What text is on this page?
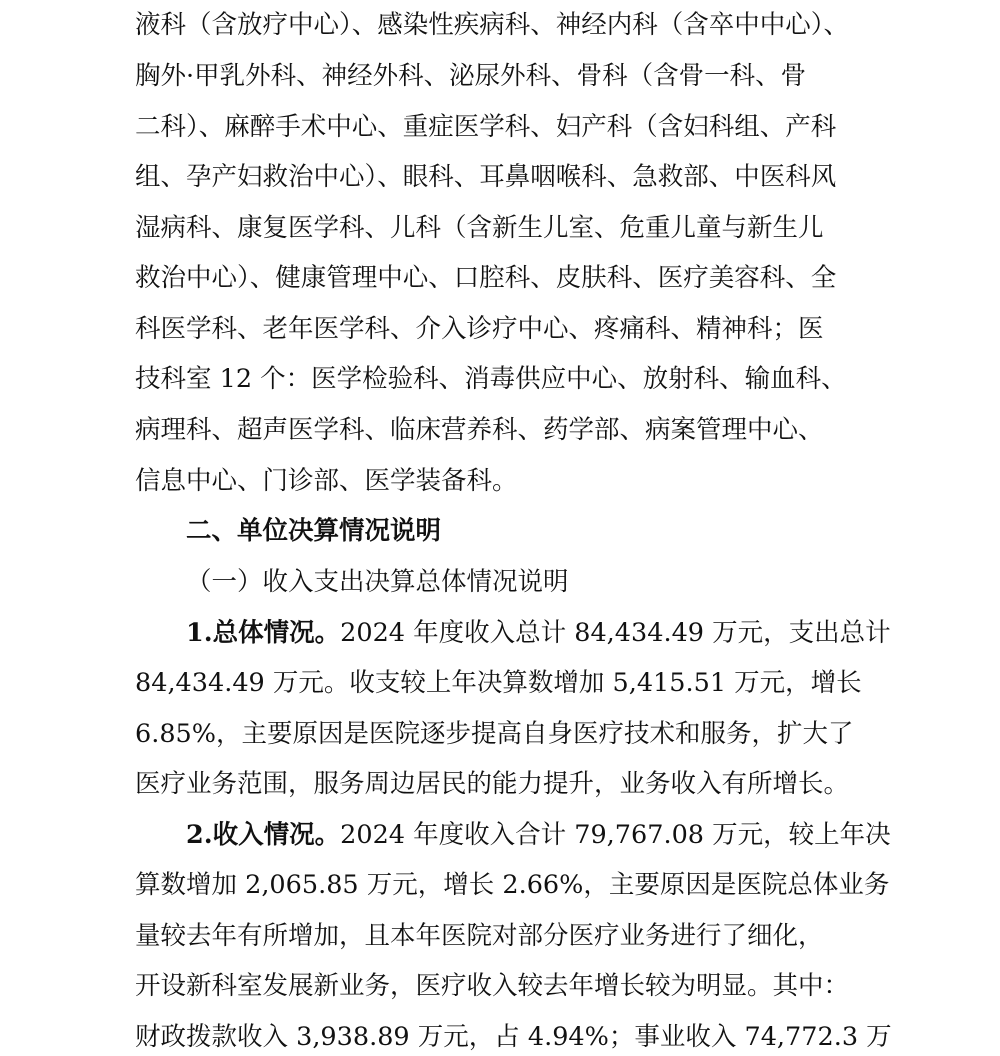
液科（含放疗中心）、感染性疾病科、神经内科（含卒中中心）、
胸外·甲乳外科、神经外科、泌尿外科、骨科（含骨一科、骨
二科）、麻醉手术中心、重症医学科、妇产科（含妇科组、产科
组、孕产妇救治中心）、眼科、耳鼻咽喉科、急救部、中医科风
湿病科、康复医学科、儿科（含新生儿室、危重儿童与新生儿
救治中心）、健康管理中心、口腔科、皮肤科、医疗美容科、全
科医学科、老年医学科、介入诊疗中心、疼痛科、精神科；医
技科室 12 个：医学检验科、消毒供应中心、放射科、输血科、
病理科、超声医学科、临床营养科、药学部、病案管理中心、
信息中心、门诊部、医学装备科。
二、单位决算情况说明
（一）收入支出决算总体情况说明
1.总体情况。2024 年度收入总计 84,434.49 万元，支出总计
84,434.49 万元。收支较上年决算数增加 5,415.51 万元，增长
6.85%，主要原因是医院逐步提高自身医疗技术和服务，扩大了
医疗业务范围，服务周边居民的能力提升，业务收入有所增长。
2.收入情况。2024 年度收入合计 79,767.08 万元，较上年决
算数增加 2,065.85 万元，增长 2.66%，主要原因是医院总体业务
量较去年有所增加，且本年医院对部分医疗业务进行了细化，
开设新科室发展新业务，医疗收入较去年增长较为明显。其中：
财政拨款收入 3,938.89 万元，占 4.94%；事业收入 74,772.3 万
